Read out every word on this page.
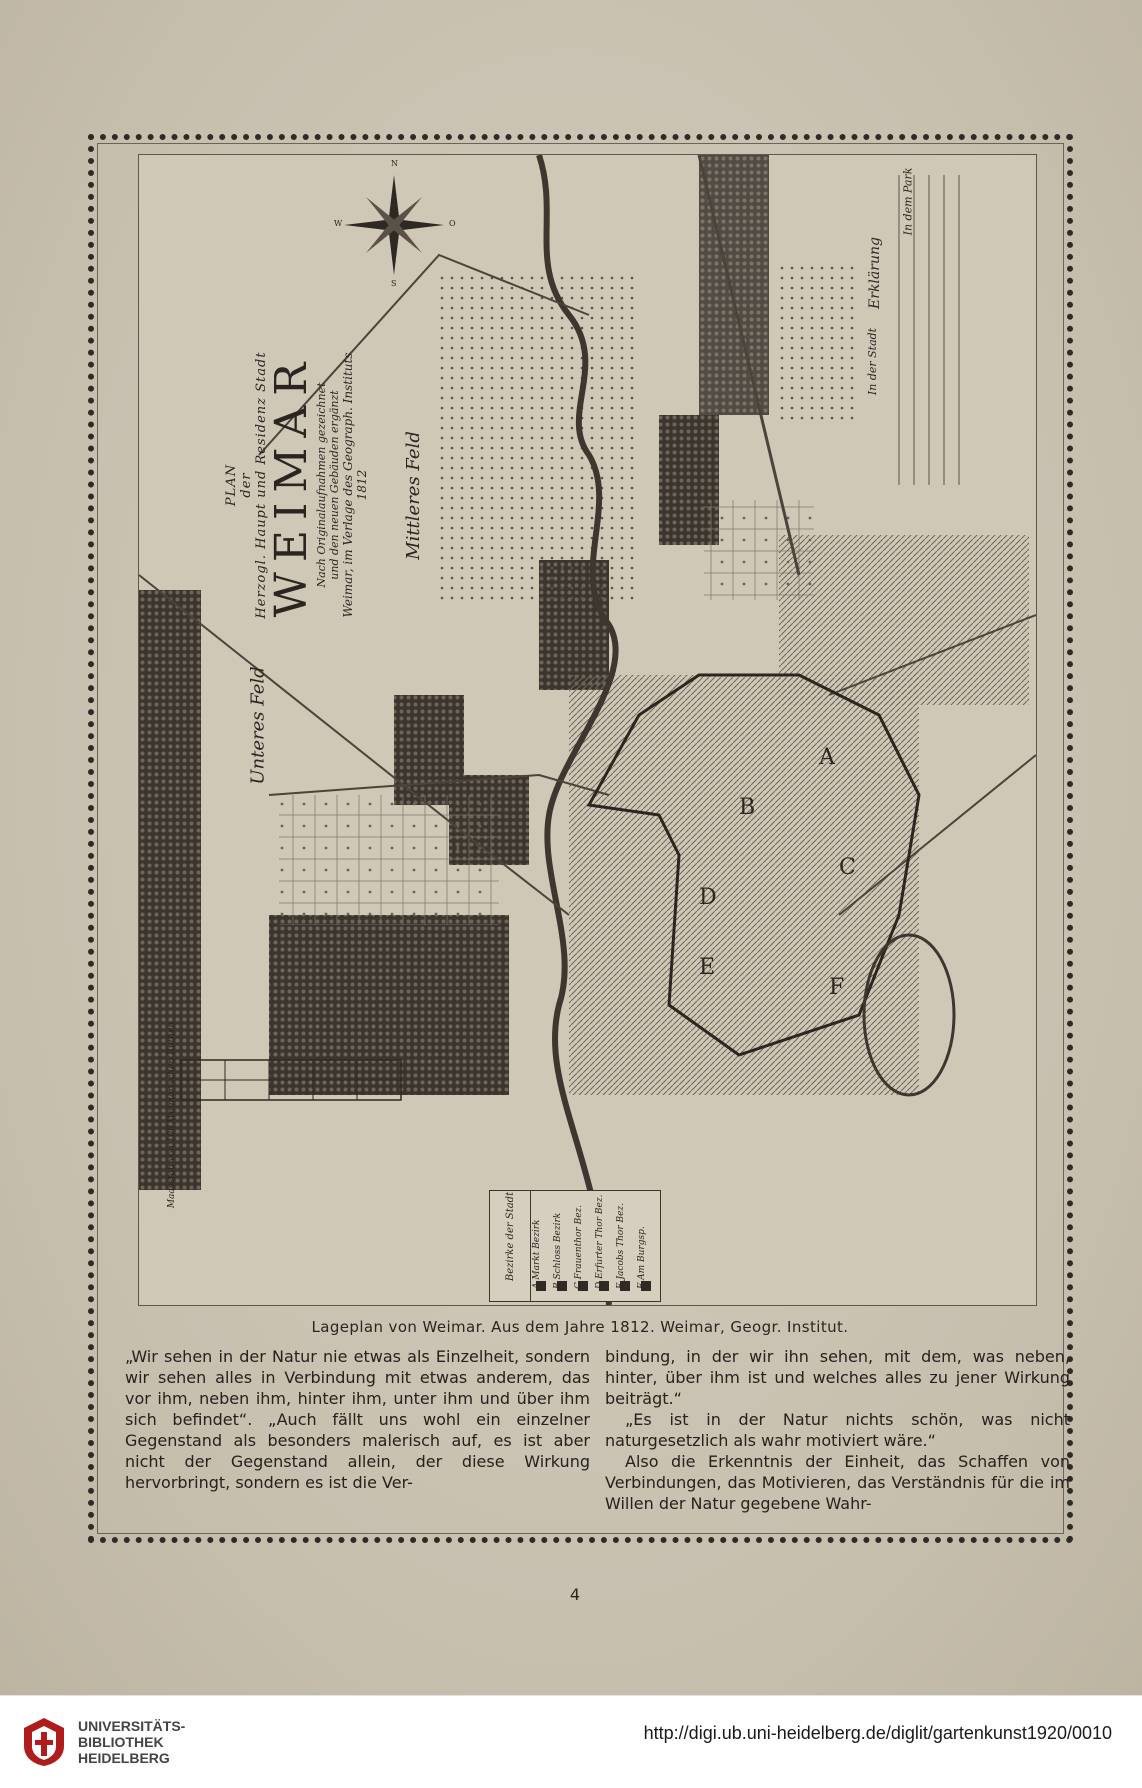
PLAN der Herzogl. Haupt und Residenz Stadt
WEIMAR
Nach Originalaufnahmen gezeichnet und den neuen Gebäuden ergänzt Weimar, im Verlage des Geograph. Instituts 1812 Mittleres Feld
Unteres Feld
N
S
O
W
Maasstab von 100 Weimarischen Ruthen
A
B
C
D
E
F
Bezirke der Stadt
A Markt Bezirk
B Schloss Bezirk
C Frauenthor Bez.
D Erfurter Thor Bez.
E Jacobs Thor Bez.
F Am Burgsp.
Erklärung
In der Stadt
In dem Park
Lageplan von Weimar. Aus dem Jahre 1812. Weimar, Geogr. Institut.

„Wir sehen in der Natur nie etwas als Einzelheit, sondern wir sehen alles in Verbindung mit etwas anderem, das vor ihm, neben ihm, hinter ihm, unter ihm und über ihm sich befindet“. „Auch fällt uns wohl ein einzelner Gegenstand als besonders malerisch auf, es ist aber nicht der Gegenstand allein, der diese Wirkung hervorbringt, sondern es ist die Ver-

bindung, in der wir ihn sehen, mit dem, was neben, hinter, über ihm ist und welches alles zu jener Wirkung beiträgt.“

„Es ist in der Natur nichts schön, was nicht naturgesetzlich als wahr motiviert wäre.“

Also die Erkenntnis der Einheit, das Schaffen von Verbindungen, das Motivieren, das Verständnis für die im Willen der Natur gegebene Wahr-

4
UNIVERSITÄTS-
BIBLIOTHEK
HEIDELBERG
http://digi.ub.uni-heidelberg.de/diglit/gartenkunst1920/0010
